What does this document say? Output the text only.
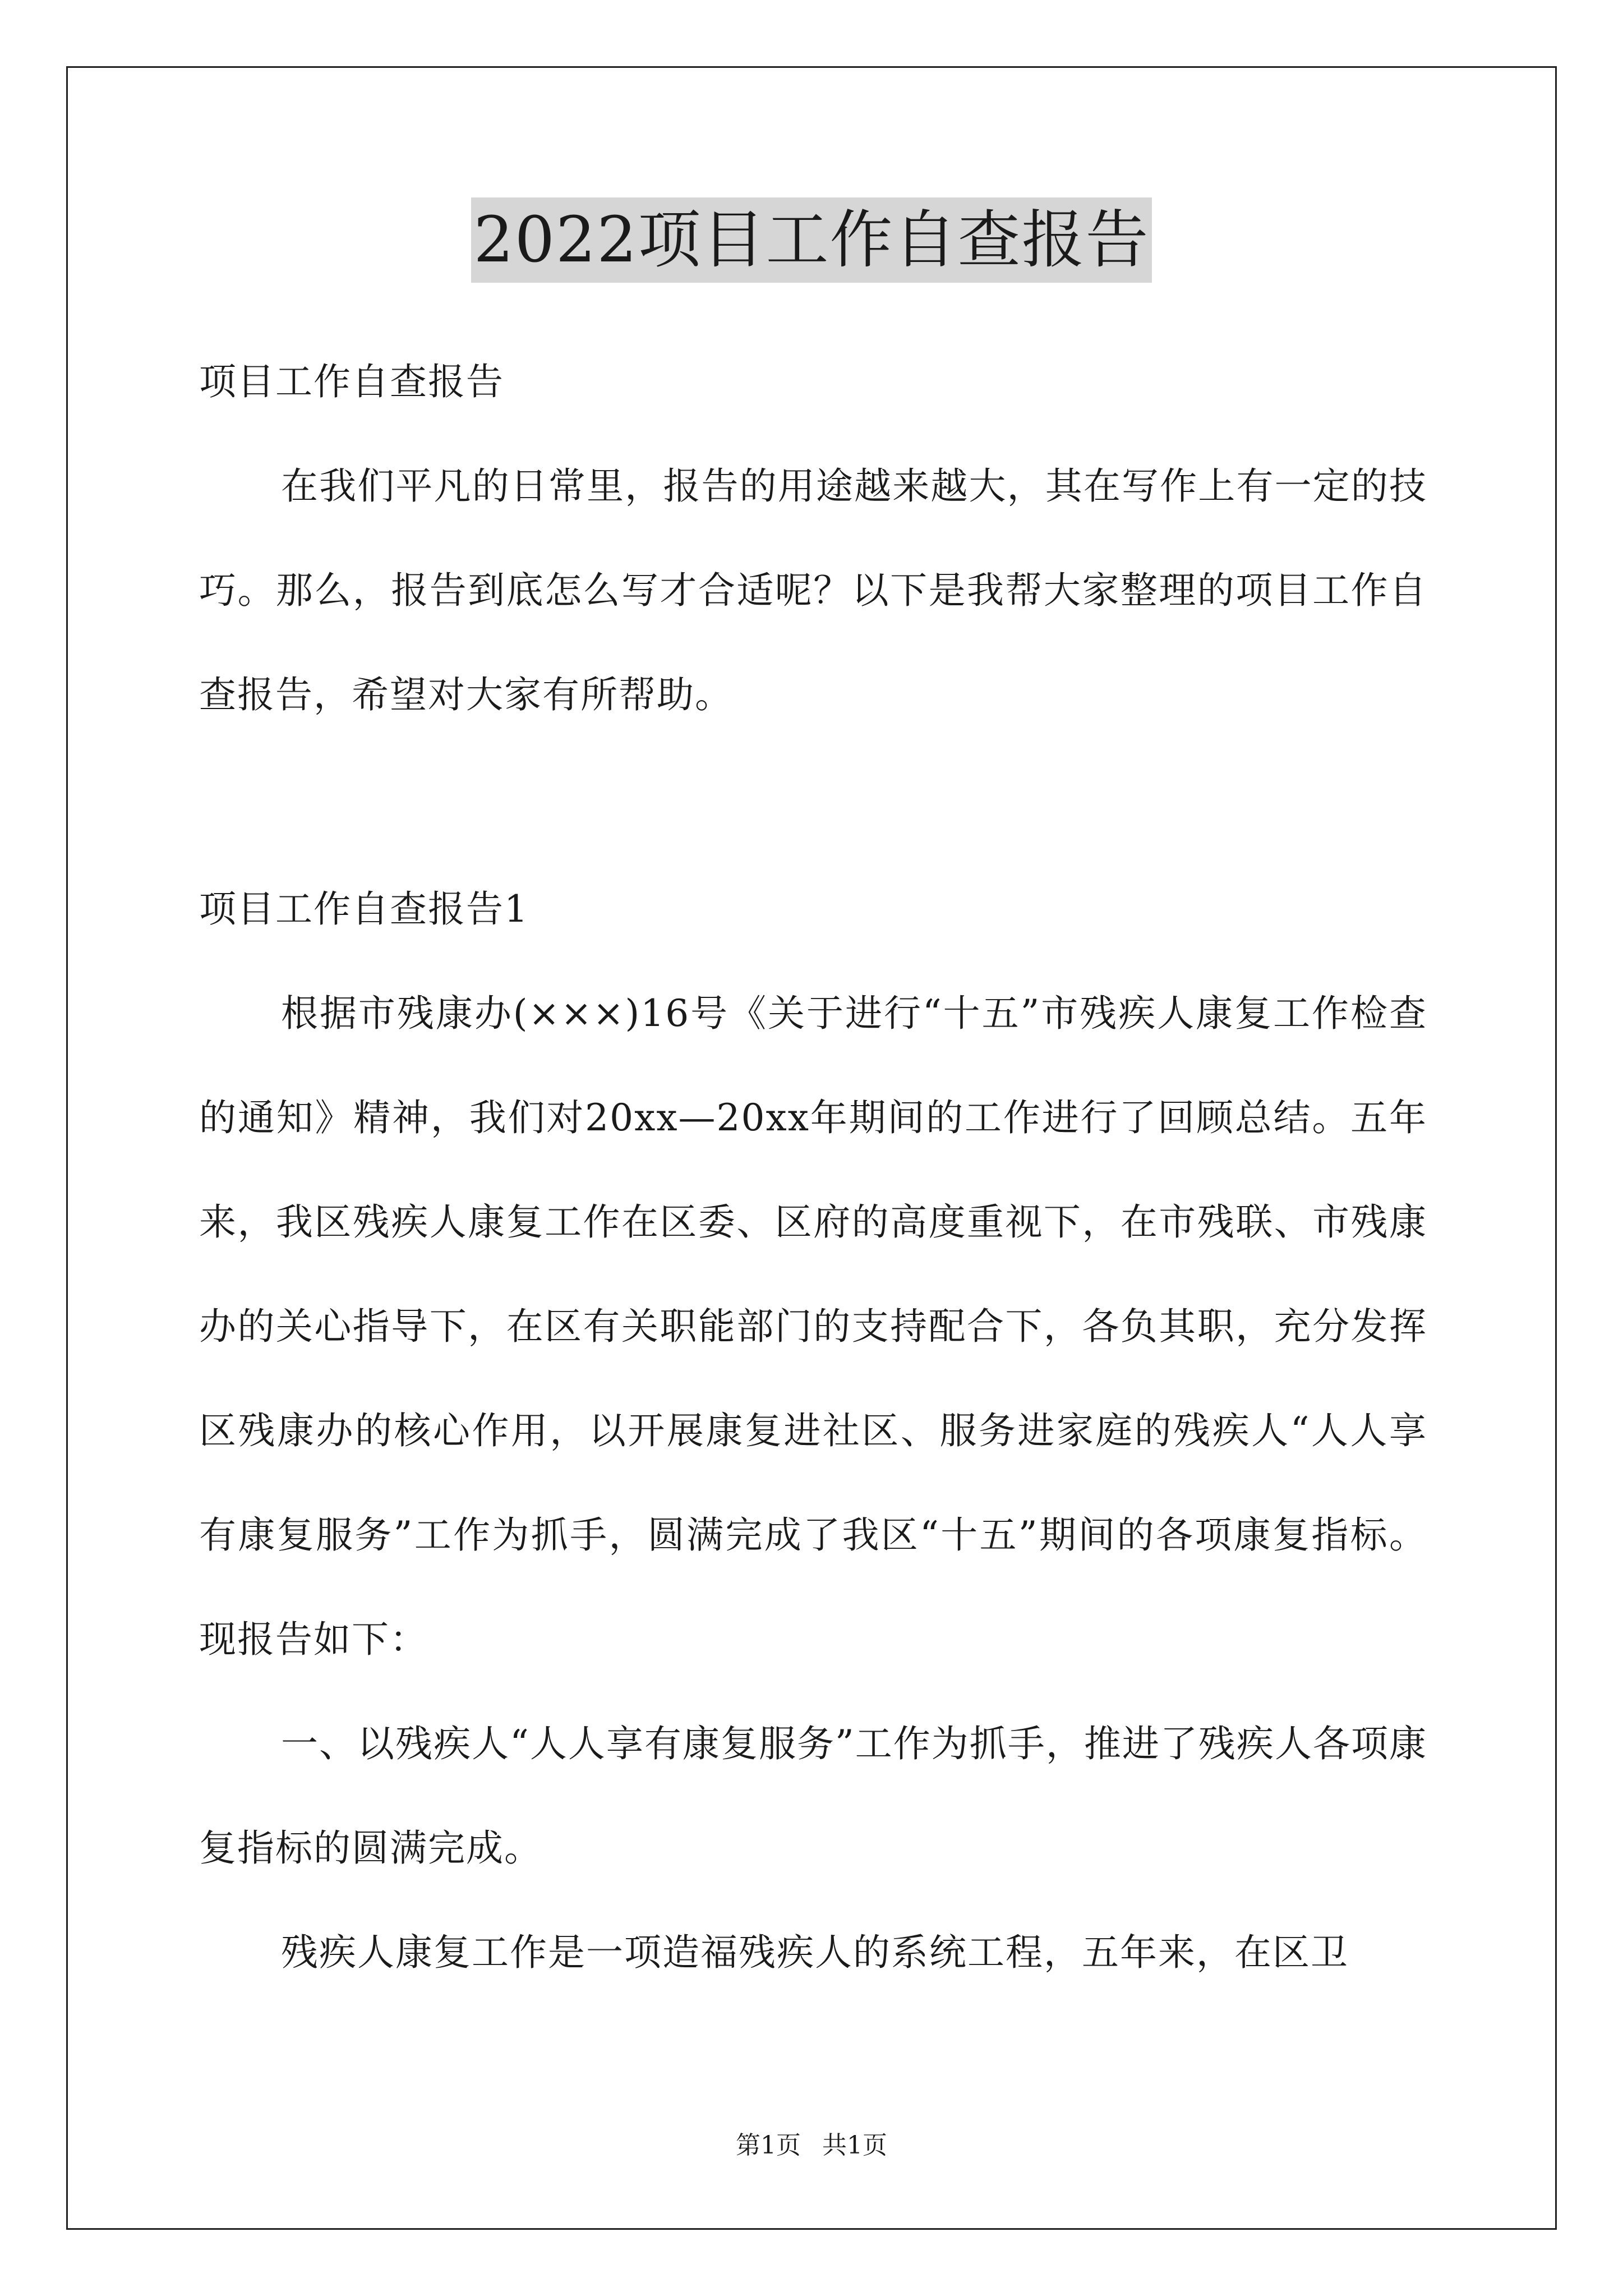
2022项目工作自查报告

项目工作自查报告

在我们平凡的日常里，报告的用途越来越大，其在写作上有一定的技巧。那么，报告到底怎么写才合适呢？以下是我帮大家整理的项目工作自查报告，希望对大家有所帮助。

项目工作自查报告1

根据市残康办(×××)16号《关于进行“十五”市残疾人康复工作检查的通知》精神，我们对20xx—20xx年期间的工作进行了回顾总结。五年来，我区残疾人康复工作在区委、区府的高度重视下，在市残联、市残康办的关心指导下，在区有关职能部门的支持配合下，各负其职，充分发挥区残康办的核心作用，以开展康复进社区、服务进家庭的残疾人“人人享有康复服务”工作为抓手，圆满完成了我区“十五”期间的各项康复指标。现报告如下：

一、以残疾人“人人享有康复服务”工作为抓手，推进了残疾人各项康复指标的圆满完成。

残疾人康复工作是一项造福残疾人的系统工程，五年来，在区卫

第1页 共1页
